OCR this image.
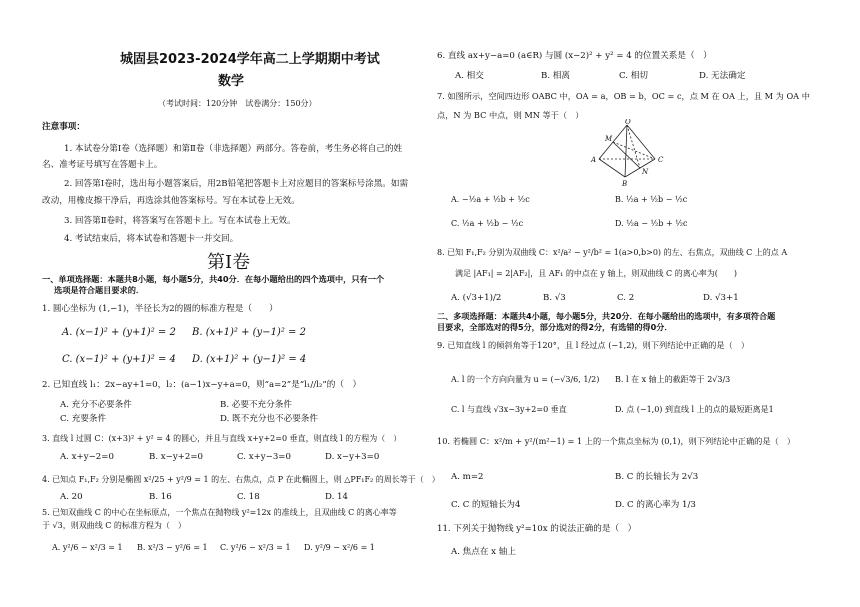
城固县2023-2024学年高二上学期期中考试
数学
（考试时间：120分钟　试卷满分：150分）
注意事项：
1. 本试卷分第Ⅰ卷（选择题）和第Ⅱ卷（非选择题）两部分。答卷前，考生务必将自己的姓
名、准考证号填写在答题卡上。
2. 回答第Ⅰ卷时，选出每小题答案后，用2B铅笔把答题卡上对应题目的答案标号涂黑。如需
改动，用橡皮擦干净后，再选涂其他答案标号。写在本试卷上无效。
3. 回答第Ⅱ卷时，将答案写在答题卡上。写在本试卷上无效。
4. 考试结束后，将本试卷和答题卡一并交回。
第Ⅰ卷
一、单项选择题：本题共8小题，每小题5分，共40分．在每小题给出的四个选项中，只有一个
选项是符合题目要求的．
1. 圆心坐标为 (1,−1)，半径长为2的圆的标准方程是（　　）
A. (x−1)² + (y+1)² = 2 B. (x+1)² + (y−1)² = 2
C. (x−1)² + (y+1)² = 4 D. (x+1)² + (y−1)² = 4
2. 已知直线 l₁：2x−ay+1=0，l₂：(a−1)x−y+a=0，则“a=2”是“l₁//l₂”的（　）
A. 充分不必要条件	B. 必要不充分条件
C. 充要条件	D. 既不充分也不必要条件
3. 直线 l 过圆 C：(x+3)² + y² = 4 的圆心，并且与直线 x+y+2=0 垂直，则直线 l 的方程为（　）
A. x+y−2=0	B. x−y+2=0	C. x+y−3=0	D. x−y+3=0
4. 已知点 F₁,F₂ 分别是椭圆 x²/25 + y²/9 = 1 的左、右焦点，点 P 在此椭圆上，则 △PF₁F₂ 的周长等于（　）
A. 20	B. 16	C. 18	D. 14
5. 已知双曲线 C 的中心在坐标原点，一个焦点在抛物线 y²=12x 的准线上，且双曲线 C 的离心率等
于 √3，则双曲线 C 的标准方程为（　）
A. y²/6 − x²/3 = 1 B. x²/3 − y²/6 = 1 C. y²/6 − x²/3 = 1 D. y²/9 − x²/6 = 1
6. 直线 ax+y−a=0 (a∈R) 与圆 (x−2)² + y² = 4 的位置关系是（　）
A. 相交	B. 相离	C. 相切	D. 无法确定
7. 如图所示，空间四边形 OABC 中，OA = a，OB = b，OC = c，点 M 在 OA 上，且 M 为 OA 中
点，N 为 BC 中点，则 MN 等于（　）
O
M
A	C
N
B
A. −½a + ½b + ½c	B. ½a + ½b − ½c
C. ½a + ½b − ½c	D. ½a − ½b + ½c
8. 已知 F₁,F₂ 分别为双曲线 C：x²/a² − y²/b² = 1(a>0,b>0) 的左、右焦点，双曲线 C 上的点 A
满足 |AF₁| = 2|AF₂|，且 AF₁ 的中点在 y 轴上，则双曲线 C 的离心率为(　　)
A. (√3+1)/2	B. √3	C. 2	D. √3+1
二、多项选择题：本题共4小题，每小题5分，共20分．在每小题给出的选项中，有多项符合题
目要求，全部选对的得5分，部分选对的得2分，有选错的得0分．
9. 已知直线 l 的倾斜角等于120°，且 l 经过点 (−1,2)，则下列结论中正确的是（　）
A. l 的一个方向向量为 u = (−√3/6, 1/2) B. l 在 x 轴上的截距等于 2√3/3
C. l 与直线 √3x−3y+2=0 垂直	D. 点 (−1,0) 到直线 l 上的点的最短距离是1
10. 若椭圆 C：x²/m + y²/(m²−1) = 1 上的一个焦点坐标为 (0,1)，则下列结论中正确的是（　）
A. m=2	B. C 的长轴长为 2√3
C. C 的短轴长为4	D. C 的离心率为 1/3
11. 下列关于抛物线 y²=10x 的说法正确的是（　）
A. 焦点在 x 轴上
